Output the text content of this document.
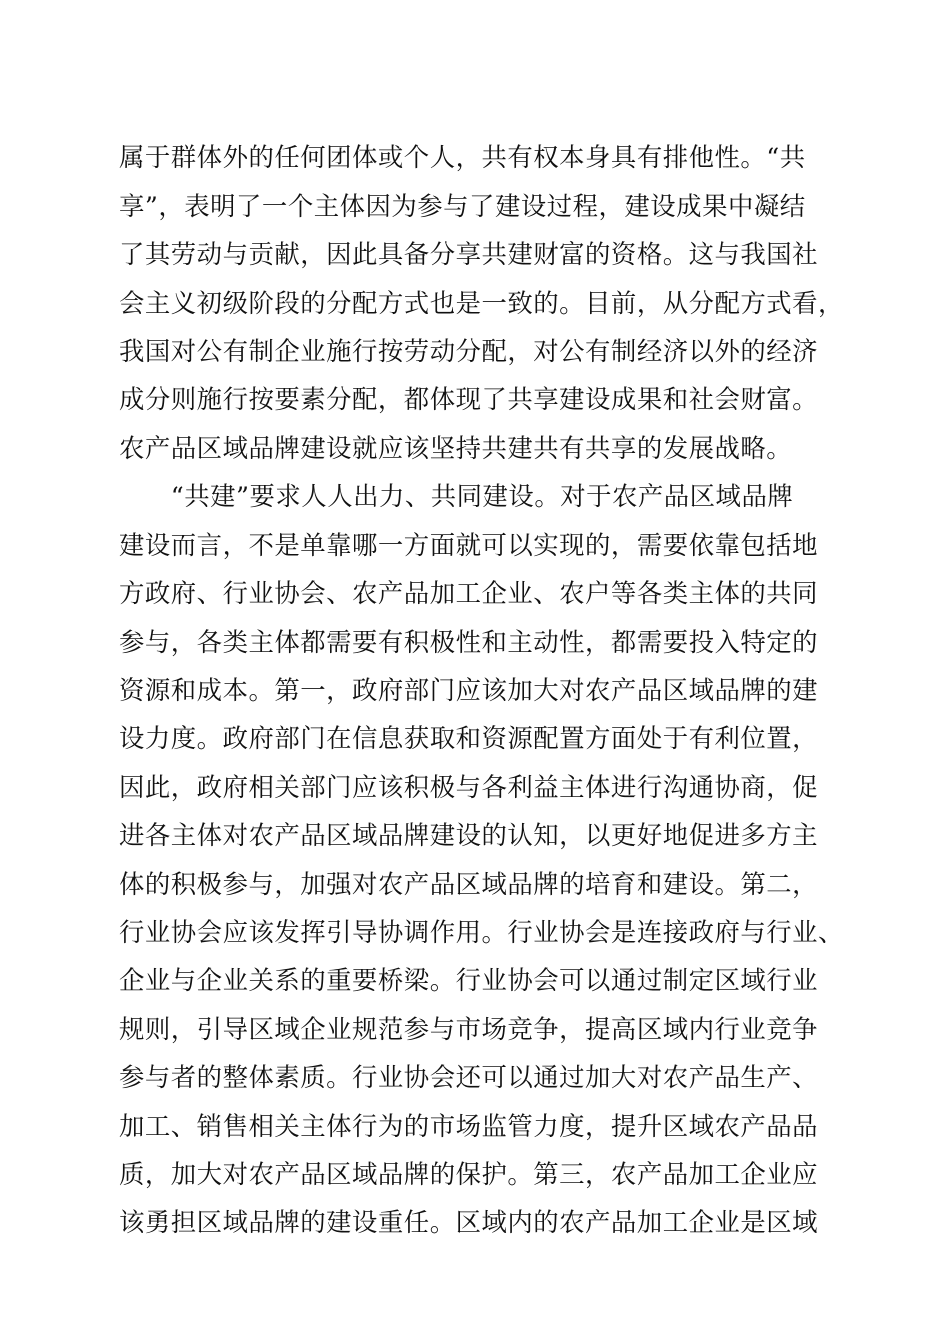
属于群体外的任何团体或个人，共有权本身具有排他性。“共
享”，表明了一个主体因为参与了建设过程，建设成果中凝结
了其劳动与贡献，因此具备分享共建财富的资格。这与我国社
会主义初级阶段的分配方式也是一致的。目前，从分配方式看，
我国对公有制企业施行按劳动分配，对公有制经济以外的经济
成分则施行按要素分配，都体现了共享建设成果和社会财富。
农产品区域品牌建设就应该坚持共建共有共享的发展战略。
　　“共建”要求人人出力、共同建设。对于农产品区域品牌
建设而言，不是单靠哪一方面就可以实现的，需要依靠包括地
方政府、行业协会、农产品加工企业、农户等各类主体的共同
参与，各类主体都需要有积极性和主动性，都需要投入特定的
资源和成本。第一，政府部门应该加大对农产品区域品牌的建
设力度。政府部门在信息获取和资源配置方面处于有利位置，
因此，政府相关部门应该积极与各利益主体进行沟通协商，促
进各主体对农产品区域品牌建设的认知，以更好地促进多方主
体的积极参与，加强对农产品区域品牌的培育和建设。第二，
行业协会应该发挥引导协调作用。行业协会是连接政府与行业、
企业与企业关系的重要桥梁。行业协会可以通过制定区域行业
规则，引导区域企业规范参与市场竞争，提高区域内行业竞争
参与者的整体素质。行业协会还可以通过加大对农产品生产、
加工、销售相关主体行为的市场监管力度，提升区域农产品品
质，加大对农产品区域品牌的保护。第三，农产品加工企业应
该勇担区域品牌的建设重任。区域内的农产品加工企业是区域
